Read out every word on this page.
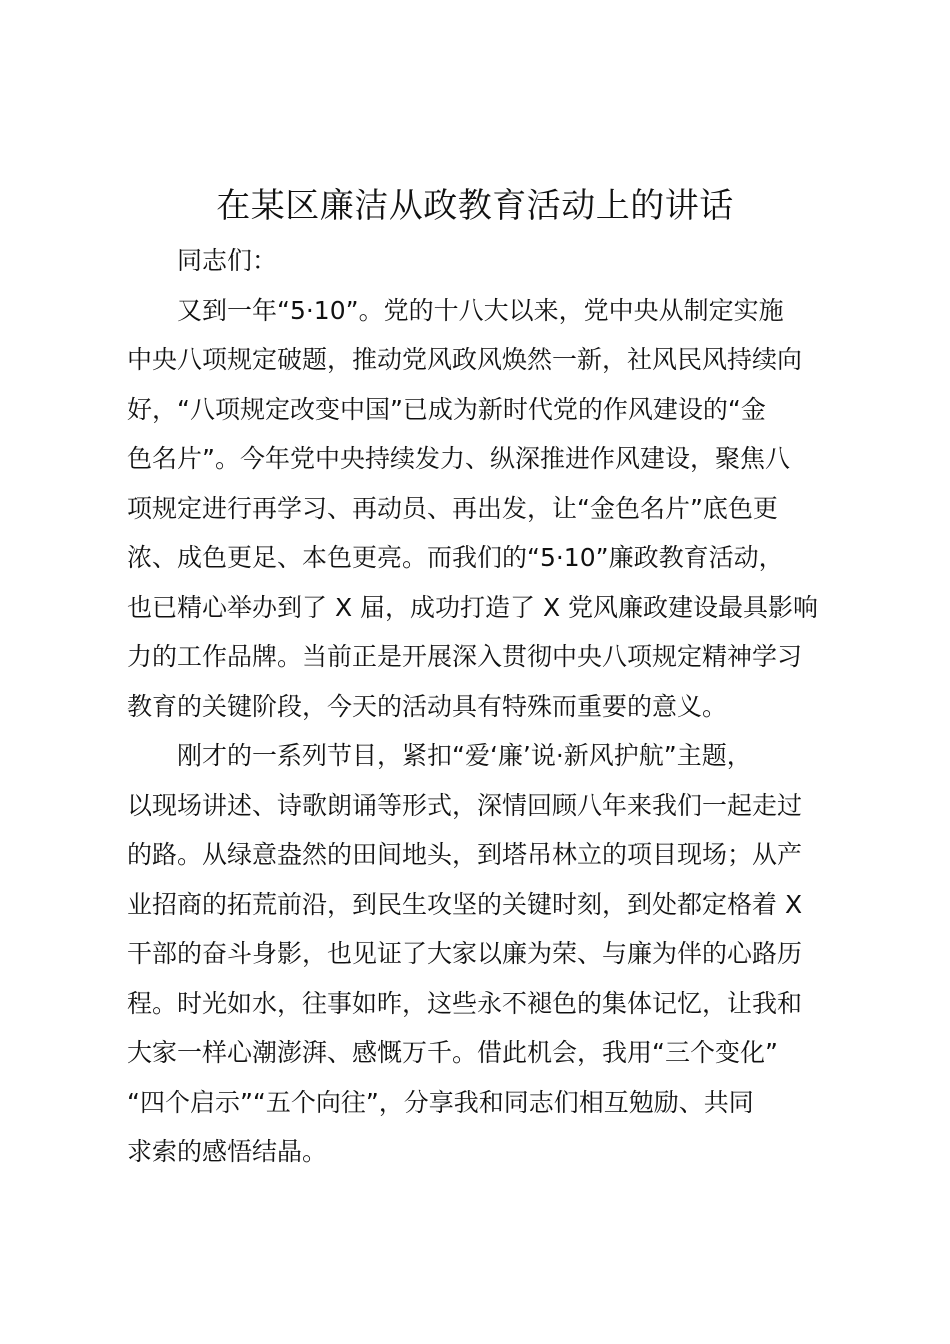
在某区廉洁从政教育活动上的讲话
同志们：
又到一年“5·10”。党的十八大以来，党中央从制定实施
中央八项规定破题，推动党风政风焕然一新，社风民风持续向
好，“八项规定改变中国”已成为新时代党的作风建设的“金
色名片”。今年党中央持续发力、纵深推进作风建设，聚焦八
项规定进行再学习、再动员、再出发，让“金色名片”底色更
浓、成色更足、本色更亮。而我们的“5·10”廉政教育活动，
也已精心举办到了 X 届，成功打造了 X 党风廉政建设最具影响
力的工作品牌。当前正是开展深入贯彻中央八项规定精神学习
教育的关键阶段，今天的活动具有特殊而重要的意义。
刚才的一系列节目，紧扣“爱‘廉’说·新风护航”主题，
以现场讲述、诗歌朗诵等形式，深情回顾八年来我们一起走过
的路。从绿意盎然的田间地头，到塔吊林立的项目现场；从产
业招商的拓荒前沿，到民生攻坚的关键时刻，到处都定格着 X
干部的奋斗身影，也见证了大家以廉为荣、与廉为伴的心路历
程。时光如水，往事如昨，这些永不褪色的集体记忆，让我和
大家一样心潮澎湃、感慨万千。借此机会，我用“三个变化”
“四个启示”“五个向往”，分享我和同志们相互勉励、共同
求索的感悟结晶。
